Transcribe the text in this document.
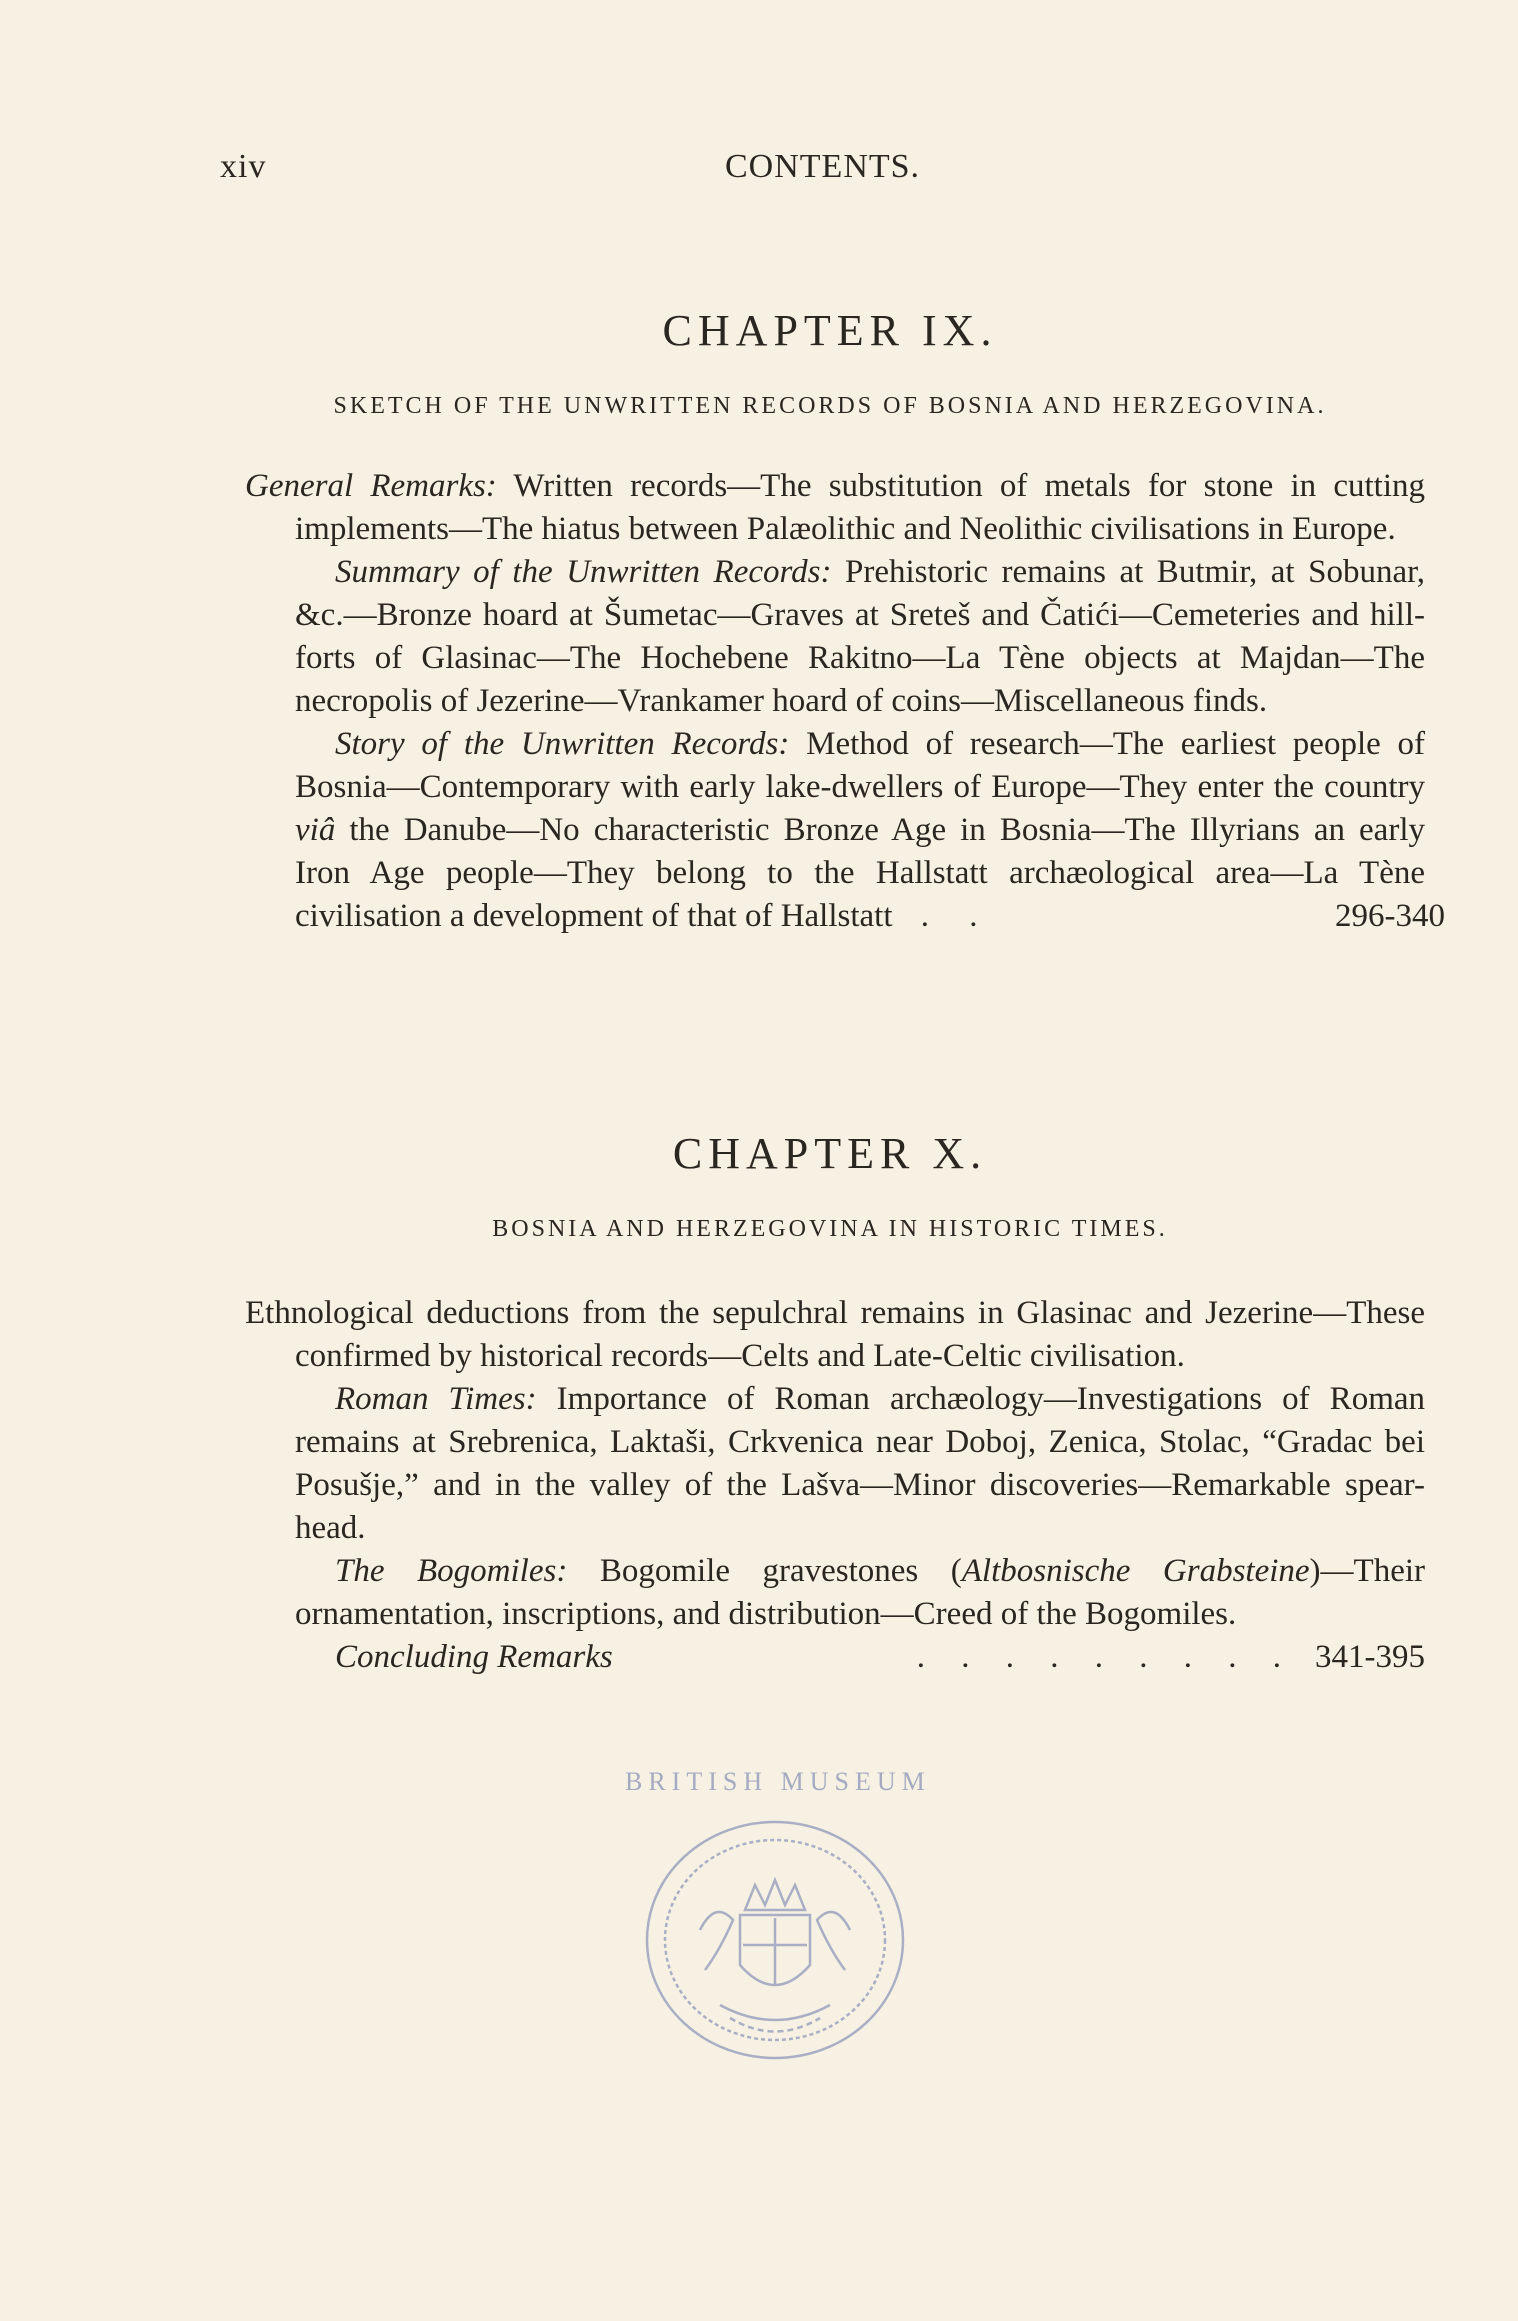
xiv	CONTENTS.
CHAPTER IX.
SKETCH OF THE UNWRITTEN RECORDS OF BOSNIA AND HERZEGOVINA.

General Remarks: Written records—The substitution of metals for stone in cutting implements—The hiatus between Palæolithic and Neolithic civilisations in Europe.

Summary of the Unwritten Records: Prehistoric remains at Butmir, at Sobunar, &c.—Bronze hoard at Šumetac—Graves at Sreteš and Čatići—Cemeteries and hill-forts of Glasinac—The Hochebene Rakitno—La Tène objects at Majdan—The necropolis of Jezerine—Vrankamer hoard of coins—Miscellaneous finds.

Story of the Unwritten Records: Method of research—The earliest people of Bosnia—Contemporary with early lake-dwellers of Europe—They enter the country viâ the Danube—No characteristic Bronze Age in Bosnia—The Illyrians an early Iron Age people—They belong to the Hallstatt archæological area—La Tène civilisation a development of that of Hallstatt . .	296-340

CHAPTER X.
BOSNIA AND HERZEGOVINA IN HISTORIC TIMES.

Ethnological deductions from the sepulchral remains in Glasinac and Jezerine—These confirmed by historical records—Celts and Late-Celtic civilisation.

Roman Times: Importance of Roman archæology—Investigations of Roman remains at Srebrenica, Laktaši, Crkvenica near Doboj, Zenica, Stolac, “Gradac bei Posušje,” and in the valley of the Lašva—Minor discoveries—Remarkable spear-head.

The Bogomiles: Bogomile gravestones (Altbosnische Grabsteine)—Their ornamentation, inscriptions, and distribution—Creed of the Bogomiles.

Concluding Remarks	. . . . . . . . . 341-395
BRITISH MUSEUM
